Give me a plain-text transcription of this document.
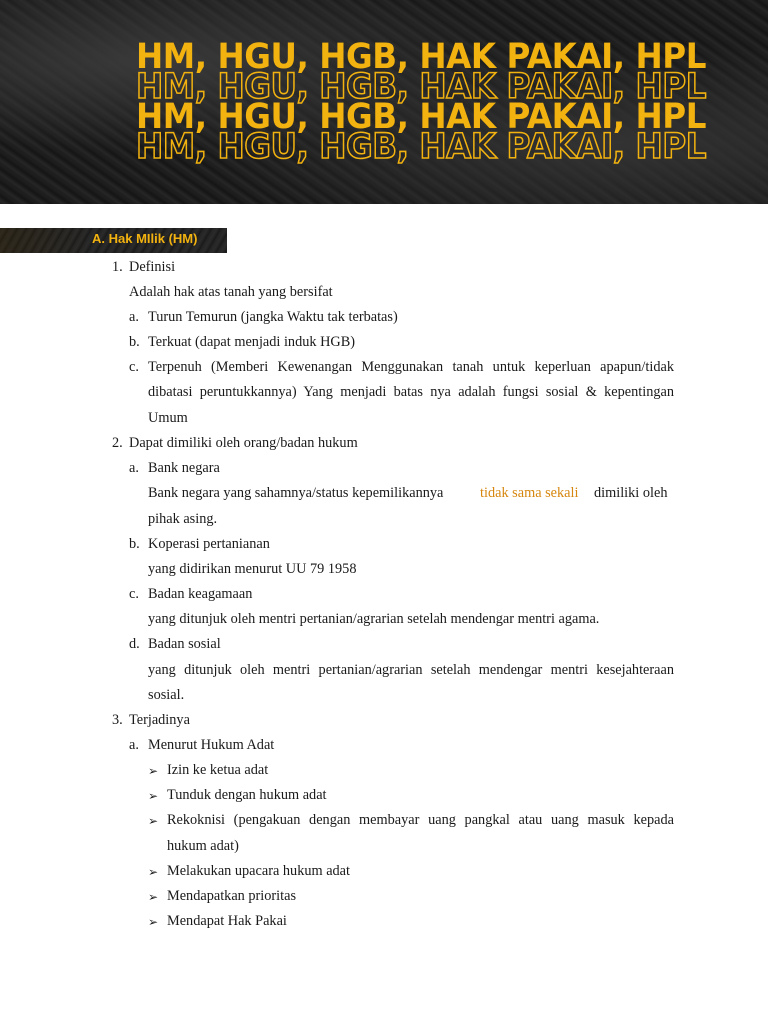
HM, HGU, HGB, HAK PAKAI, HPL
HM, HGU, HGB, HAK PAKAI, HPL
HM, HGU, HGB, HAK PAKAI, HPL
HM, HGU, HGB, HAK PAKAI, HPL
A. Hak MIlik (HM)
1. Definisi
Adalah hak atas tanah yang bersifat
a. Turun Temurun (jangka Waktu tak terbatas)
b. Terkuat (dapat menjadi induk HGB)
c. Terpenuh (Memberi Kewenangan Menggunakan tanah untuk keperluan apapun/tidak
dibatasi peruntukkannya) Yang menjadi batas nya adalah fungsi sosial & kepentingan
Umum
2. Dapat dimiliki oleh orang/badan hukum
a. Bank negara
Bank negara yang sahamnya/status kepemilikannya	tidak sama sekali dimiliki oleh
pihak asing.
b. Koperasi pertanianan
yang didirikan menurut UU 79 1958
c. Badan keagamaan
yang ditunjuk oleh mentri pertanian/agrarian setelah mendengar mentri agama.
d. Badan sosial
yang ditunjuk oleh mentri pertanian/agrarian setelah mendengar mentri kesejahteraan
sosial.
3. Terjadinya
a. Menurut Hukum Adat
➢ Izin ke ketua adat
➢ Tunduk dengan hukum adat
➢ Rekoknisi (pengakuan dengan membayar uang pangkal atau uang masuk kepada
hukum adat)
➢ Melakukan upacara hukum adat
➢ Mendapatkan prioritas
➢ Mendapat Hak Pakai
